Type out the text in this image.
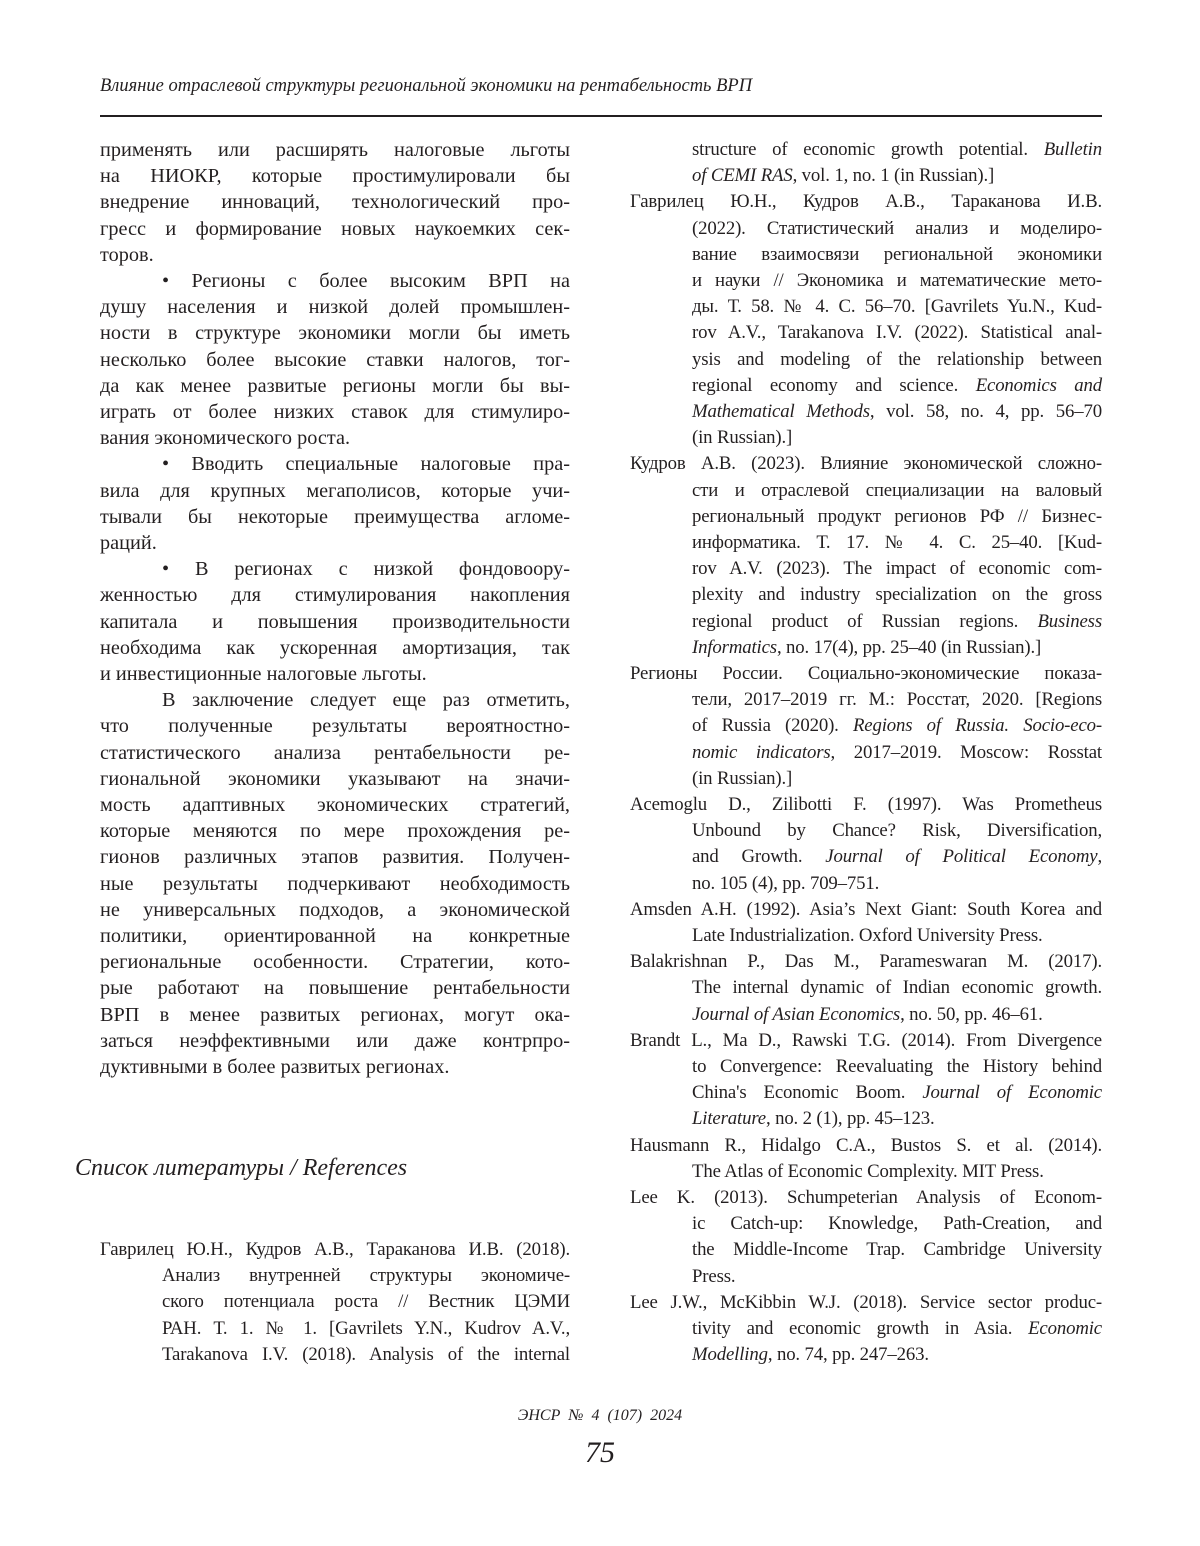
Влияние отраслевой структуры региональной экономики на рентабельность ВРП
применять или расширять налоговые льготы
на НИОКР, которые простимулировали бы
внедрение инноваций, технологический про-
гресс и формирование новых наукоемких сек-
торов.
• Регионы с более высоким ВРП на
душу населения и низкой долей промышлен-
ности в структуре экономики могли бы иметь
несколько более высокие ставки налогов, тог-
да как менее развитые регионы могли бы вы-
играть от более низких ставок для стимулиро-
вания экономического роста.
• Вводить специальные налоговые пра-
вила для крупных мегаполисов, которые учи-
тывали бы некоторые преимущества агломе-
раций.
• В регионах с низкой фондовоору-
женностью для стимулирования накопления
капитала и повышения производительности
необходима как ускоренная амортизация, так
и инвестиционные налоговые льготы.
В заключение следует еще раз отметить,
что полученные результаты вероятностно-
статистического анализа рентабельности ре-
гиональной экономики указывают на значи-
мость адаптивных экономических стратегий,
которые меняются по мере прохождения ре-
гионов различных этапов развития. Получен-
ные результаты подчеркивают необходимость
не универсальных подходов, а экономической
политики, ориентированной на конкретные
региональные особенности. Стратегии, кото-
рые работают на повышение рентабельности
ВРП в менее развитых регионах, могут ока-
заться неэффективными или даже контрпро-
дуктивными в более развитых регионах.
Список литературы / References
Гаврилец Ю.Н., Кудров А.В., Тараканова И.В. (2018).
Анализ внутренней структуры экономиче-
ского потенциала роста // Вестник ЦЭМИ
РАН. Т. 1. № 1. [Gavrilets Y.N., Kudrov A.V.,
Tarakanova I.V. (2018). Analysis of the internal
structure of economic growth potential. Bulletin
of CEMI RAS, vol. 1, no. 1 (in Russian).]
Гаврилец Ю.Н., Кудров А.В., Тараканова И.В.
(2022). Статистический анализ и моделиро-
вание взаимосвязи региональной экономики
и науки // Экономика и математические мето-
ды. Т. 58. № 4. С. 56–70. [Gavrilets Yu.N., Kud-
rov A.V., Tarakanova I.V. (2022). Statistical anal-
ysis and modeling of the relationship between
regional economy and science. Economics and
Mathematical Methods, vol. 58, no. 4, pp. 56–70
(in Russian).]
Кудров А.В. (2023). Влияние экономической сложно-
сти и отраслевой специализации на валовый
региональный продукт регионов РФ // Бизнес-
информатика. Т. 17. № 4. С. 25–40. [Kud-
rov A.V. (2023). The impact of economic com-
plexity and industry specialization on the gross
regional product of Russian regions. Business
Informatics, no. 17(4), pp. 25–40 (in Russian).]
Регионы России. Социально-экономические показа-
тели, 2017–2019 гг. М.: Росстат, 2020. [Regions
of Russia (2020). Regions of Russia. Socio-eco-
nomic indicators, 2017–2019. Moscow: Rosstat
(in Russian).]
Acemoglu D., Zilibotti F. (1997). Was Prometheus
Unbound by Chance? Risk, Diversification,
and Growth. Journal of Political Economy,
no. 105 (4), pp. 709–751.
Amsden A.H. (1992). Asia’s Next Giant: South Korea and
Late Industrialization. Oxford University Press.
Balakrishnan P., Das M., Parameswaran M. (2017).
The internal dynamic of Indian economic growth.
Journal of Asian Economics, no. 50, pp. 46–61.
Brandt L., Ma D., Rawski T.G. (2014). From Divergence
to Convergence: Reevaluating the History behind
China's Economic Boom. Journal of Economic
Literature, no. 2 (1), pp. 45–123.
Hausmann R., Hidalgo C.A., Bustos S. et al. (2014).
The Atlas of Economic Complexity. MIT Press.
Lee K. (2013). Schumpeterian Analysis of Econom-
ic Catch-up: Knowledge, Path-Creation, and
the Middle-Income Trap. Cambridge University
Press.
Lee J.W., McKibbin W.J. (2018). Service sector produc-
tivity and economic growth in Asia. Economic
Modelling, no. 74, pp. 247–263.
ЭНСР № 4 (107) 2024
75
